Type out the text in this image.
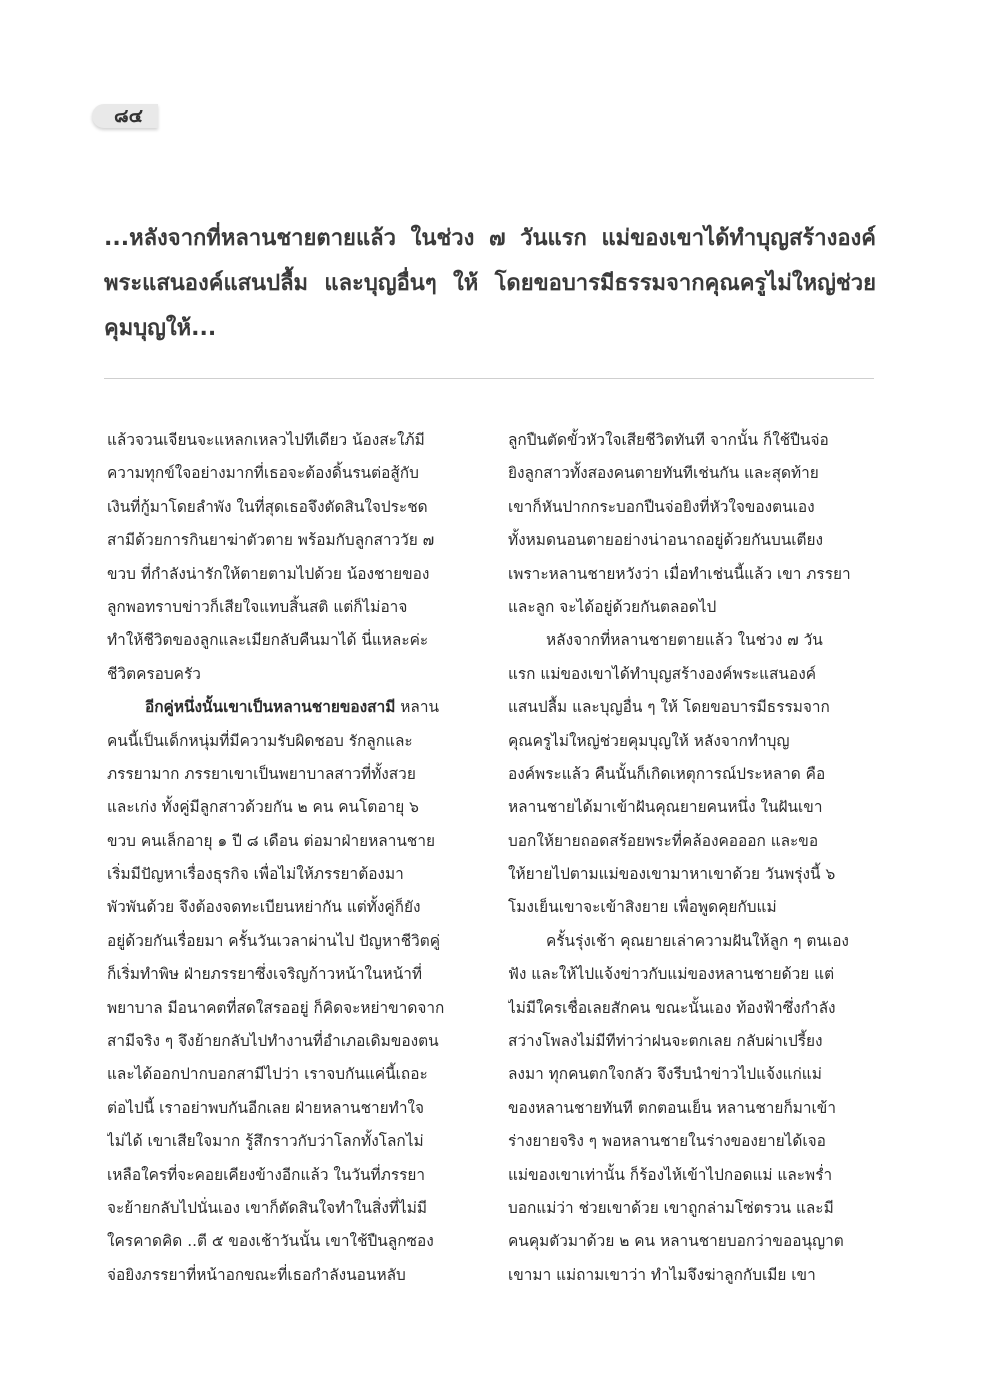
๘๔

...หลังจากที่หลานชายตายแล้ว ในช่วง ๗ วันแรก แม่ของเขาได้ทำบุญสร้างองค์พระแสนองค์แสนปลื้ม และบุญอื่นๆ ให้ โดยขอบารมีธรรมจากคุณครูไม่ใหญ่ช่วยคุมบุญให้...

แล้วจวนเจียนจะแหลกเหลวไปทีเดียว น้องสะใภ้มี
ความทุกข์ใจอย่างมากที่เธอจะต้องดิ้นรนต่อสู้กับ
เงินที่กู้มาโดยลำพัง ในที่สุดเธอจึงตัดสินใจประชด
สามีด้วยการกินยาฆ่าตัวตาย พร้อมกับลูกสาววัย ๗
ขวบ ที่กำลังน่ารักให้ตายตามไปด้วย น้องชายของ
ลูกพอทราบข่าวก็เสียใจแทบสิ้นสติ แต่ก็ไม่อาจ
ทำให้ชีวิตของลูกและเมียกลับคืนมาได้ นี่แหละค่ะ
ชีวิตครอบครัว
อีกคู่หนึ่งนั้นเขาเป็นหลานชายของสามี หลาน
คนนี้เป็นเด็กหนุ่มที่มีความรับผิดชอบ รักลูกและ
ภรรยามาก ภรรยาเขาเป็นพยาบาลสาวที่ทั้งสวย
และเก่ง ทั้งคู่มีลูกสาวด้วยกัน ๒ คน คนโตอายุ ๖
ขวบ คนเล็กอายุ ๑ ปี ๘ เดือน ต่อมาฝ่ายหลานชาย
เริ่มมีปัญหาเรื่องธุรกิจ เพื่อไม่ให้ภรรยาต้องมา
พัวพันด้วย จึงต้องจดทะเบียนหย่ากัน แต่ทั้งคู่ก็ยัง
อยู่ด้วยกันเรื่อยมา ครั้นวันเวลาผ่านไป ปัญหาชีวิตคู่
ก็เริ่มทำพิษ ฝ่ายภรรยาซึ่งเจริญก้าวหน้าในหน้าที่
พยาบาล มีอนาคตที่สดใสรออยู่ ก็คิดจะหย่าขาดจาก
สามีจริง ๆ จึงย้ายกลับไปทำงานที่อำเภอเดิมของตน
และได้ออกปากบอกสามีไปว่า เราจบกันแค่นี้เถอะ
ต่อไปนี้ เราอย่าพบกันอีกเลย ฝ่ายหลานชายทำใจ
ไม่ได้ เขาเสียใจมาก รู้สึกราวกับว่าโลกทั้งโลกไม่
เหลือใครที่จะคอยเคียงข้างอีกแล้ว ในวันที่ภรรยา
จะย้ายกลับไปนั่นเอง เขาก็ตัดสินใจทำในสิ่งที่ไม่มี
ใครคาดคิด ..ตี ๕ ของเช้าวันนั้น เขาใช้ปืนลูกซอง
จ่อยิงภรรยาที่หน้าอกขณะที่เธอกำลังนอนหลับ
ลูกปืนตัดขั้วหัวใจเสียชีวิตทันที จากนั้น ก็ใช้ปืนจ่อ
ยิงลูกสาวทั้งสองคนตายทันทีเช่นกัน และสุดท้าย
เขาก็หันปากกระบอกปืนจ่อยิงที่หัวใจของตนเอง
ทั้งหมดนอนตายอย่างน่าอนาถอยู่ด้วยกันบนเตียง
เพราะหลานชายหวังว่า เมื่อทำเช่นนี้แล้ว เขา ภรรยา
และลูก จะได้อยู่ด้วยกันตลอดไป
หลังจากที่หลานชายตายแล้ว ในช่วง ๗ วัน
แรก แม่ของเขาได้ทำบุญสร้างองค์พระแสนองค์
แสนปลื้ม และบุญอื่น ๆ ให้ โดยขอบารมีธรรมจาก
คุณครูไม่ใหญ่ช่วยคุมบุญให้ หลังจากทำบุญ
องค์พระแล้ว คืนนั้นก็เกิดเหตุการณ์ประหลาด คือ
หลานชายได้มาเข้าฝันคุณยายคนหนึ่ง ในฝันเขา
บอกให้ยายถอดสร้อยพระที่คล้องคอออก และขอ
ให้ยายไปตามแม่ของเขามาหาเขาด้วย วันพรุ่งนี้ ๖
โมงเย็นเขาจะเข้าสิงยาย เพื่อพูดคุยกับแม่
ครั้นรุ่งเช้า คุณยายเล่าความฝันให้ลูก ๆ ตนเอง
ฟัง และให้ไปแจ้งข่าวกับแม่ของหลานชายด้วย แต่
ไม่มีใครเชื่อเลยสักคน ขณะนั้นเอง ท้องฟ้าซึ่งกำลัง
สว่างโพลงไม่มีทีท่าว่าฝนจะตกเลย กลับผ่าเปรี้ยง
ลงมา ทุกคนตกใจกลัว จึงรีบนำข่าวไปแจ้งแก่แม่
ของหลานชายทันที ตกตอนเย็น หลานชายก็มาเข้า
ร่างยายจริง ๆ พอหลานชายในร่างของยายได้เจอ
แม่ของเขาเท่านั้น ก็ร้องไห้เข้าไปกอดแม่ และพร่ำ
บอกแม่ว่า ช่วยเขาด้วย เขาถูกล่ามโซ่ตรวน และมี
คนคุมตัวมาด้วย ๒ คน หลานชายบอกว่าขออนุญาต
เขามา แม่ถามเขาว่า ทำไมจึงฆ่าลูกกับเมีย เขา
